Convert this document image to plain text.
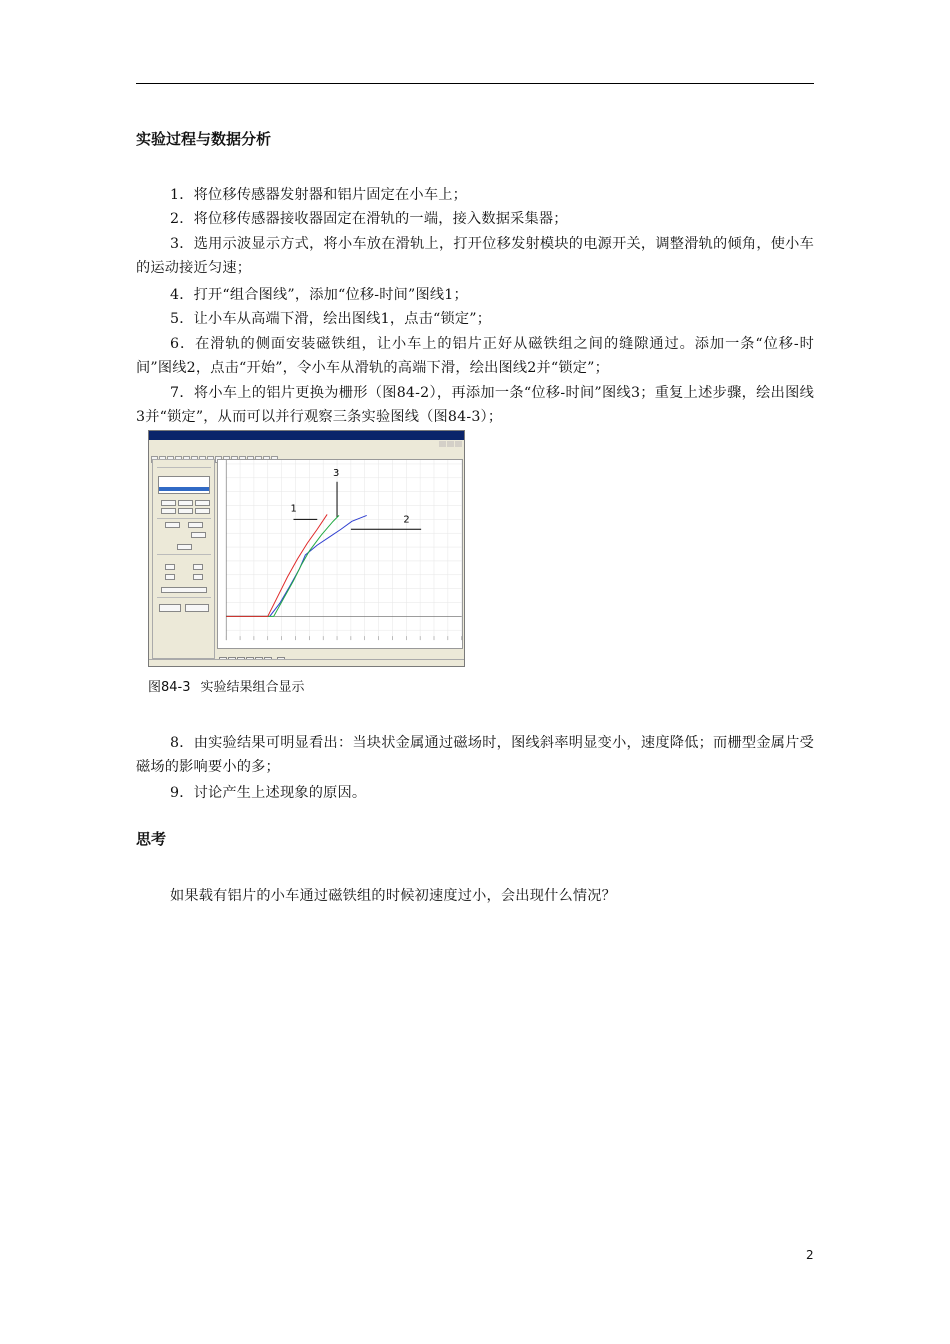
实验过程与数据分析
1．将位移传感器发射器和铝片固定在小车上；
2．将位移传感器接收器固定在滑轨的一端，接入数据采集器；
3．选用示波显示方式，将小车放在滑轨上，打开位移发射模块的电源开关，调整滑轨的倾角，使小车的运动接近匀速；
4．打开“组合图线”，添加“位移-时间”图线1；
5．让小车从高端下滑，绘出图线1，点击“锁定”；
6．在滑轨的侧面安装磁铁组，让小车上的铝片正好从磁铁组之间的缝隙通过。添加一条“位移-时间”图线2，点击“开始”，令小车从滑轨的高端下滑，绘出图线2并“锁定”；
7．将小车上的铝片更换为栅形（图84-2），再添加一条“位移-时间”图线3；重复上述步骤，绘出图线3并“锁定”，从而可以并行观察三条实验图线（图84-3）；
1
2
3
图84-3 实验结果组合显示
8．由实验结果可明显看出：当块状金属通过磁场时，图线斜率明显变小，速度降低；而栅型金属片受磁场的影响要小的多；
9．讨论产生上述现象的原因。
思考
如果载有铝片的小车通过磁铁组的时候初速度过小，会出现什么情况？
2
